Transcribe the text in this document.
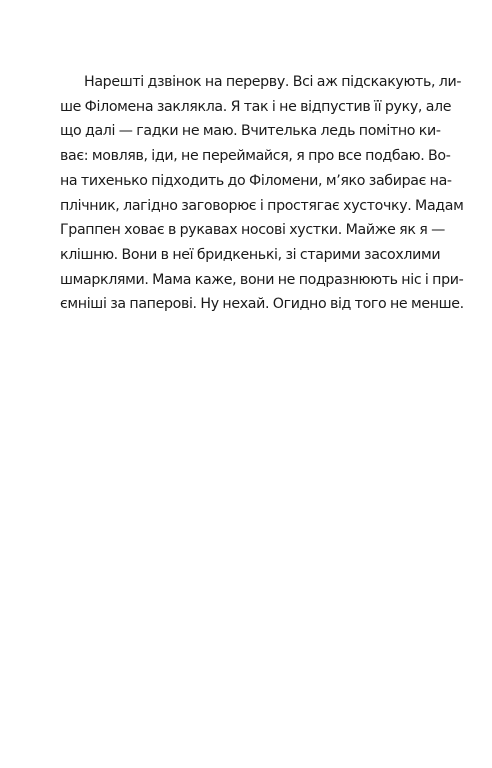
Нарешті дзвінок на перерву. Всі аж підскакують, ли-
ше Філомена заклякла. Я так і не відпустив її руку, але
що далі — гадки не маю. Вчителька ледь помітно ки-
ває: мовляв, іди, не переймайся, я про все подбаю. Во-
на тихенько підходить до Філомени, м’яко забирає на-
плічник, лагідно заговорює і простягає хусточку. Мадам
Граппен ховає в рукавах носові хустки. Майже як я —
клішню. Вони в неї бридкенькі, зі старими засохлими
шмарклями. Мама каже, вони не подразнюють ніс і при-
ємніші за паперові. Ну нехай. Огидно від того не менше.
